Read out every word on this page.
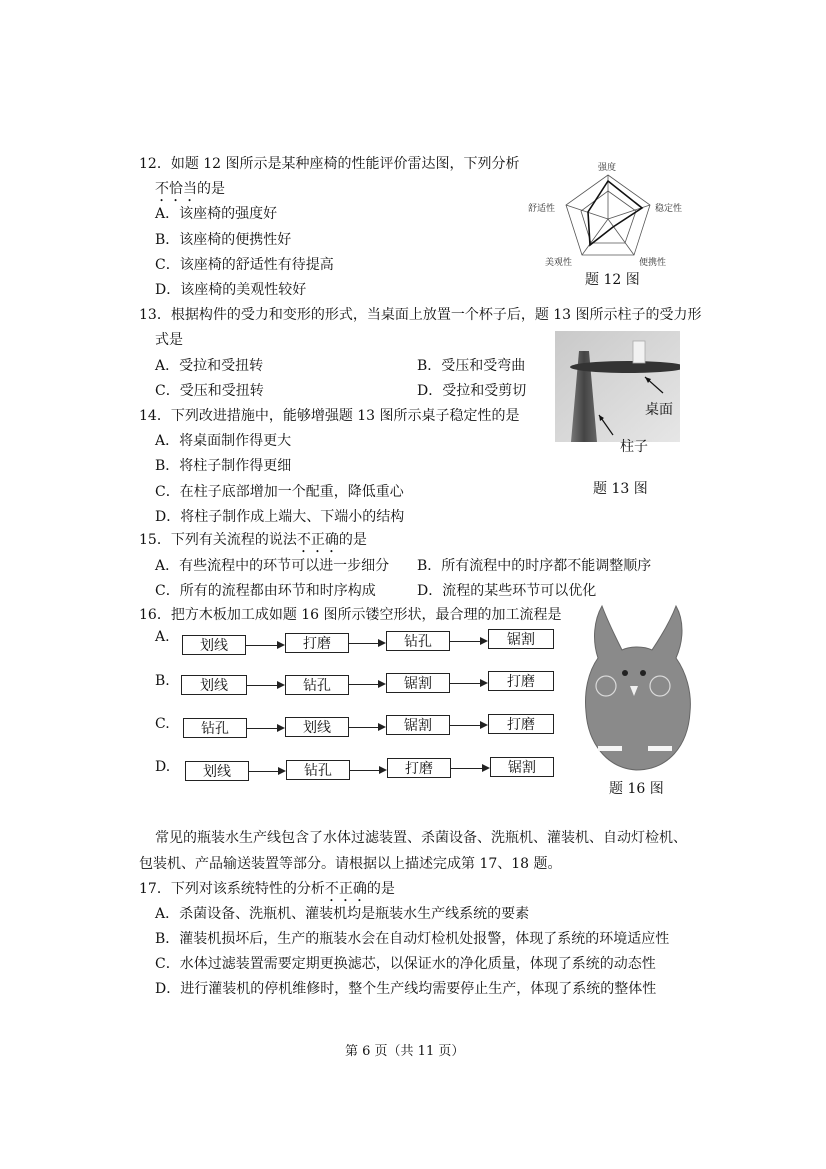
12．如题 12 图所示是某种座椅的性能评价雷达图，下列分析
不恰当的是
A．该座椅的强度好
B．该座椅的便携性好
C．该座椅的舒适性有待提高
D．该座椅的美观性较好
强度
稳定性
便携性
美观性
舒适性
题 12 图
13．根据构件的受力和变形的形式，当桌面上放置一个杯子后，题 13 图所示柱子的受力形
式是
A．受拉和受扭转	B．受压和受弯曲
C．受压和受扭转	D．受拉和受剪切
桌面
柱子
题 13 图
14．下列改进措施中，能够增强题 13 图所示桌子稳定性的是
A．将桌面制作得更大
B．将柱子制作得更细
C．在柱子底部增加一个配重，降低重心
D．将柱子制作成上端大、下端小的结构
15．下列有关流程的说法不正确的是
A．有些流程中的环节可以进一步细分 B．所有流程中的时序都不能调整顺序
C．所有的流程都由环节和时序构成	D．流程的某些环节可以优化
16．把方木板加工成如题 16 图所示镂空形状，最合理的加工流程是
A.
划线	打磨	钻孔	锯割
B.	划线	钻孔	锯割	打磨
C.	钻孔	划线	锯割	打磨
D.	划线	钻孔	打磨	锯割
题 16 图
常见的瓶装水生产线包含了水体过滤装置、杀菌设备、洗瓶机、灌装机、自动灯检机、
包装机、产品输送装置等部分。请根据以上描述完成第 17、18 题。
17．下列对该系统特性的分析不正确的是
A．杀菌设备、洗瓶机、灌装机均是瓶装水生产线系统的要素
B．灌装机损坏后，生产的瓶装水会在自动灯检机处报警，体现了系统的环境适应性
C．水体过滤装置需要定期更换滤芯，以保证水的净化质量，体现了系统的动态性
D．进行灌装机的停机维修时，整个生产线均需要停止生产，体现了系统的整体性
第 6 页（共 11 页）
